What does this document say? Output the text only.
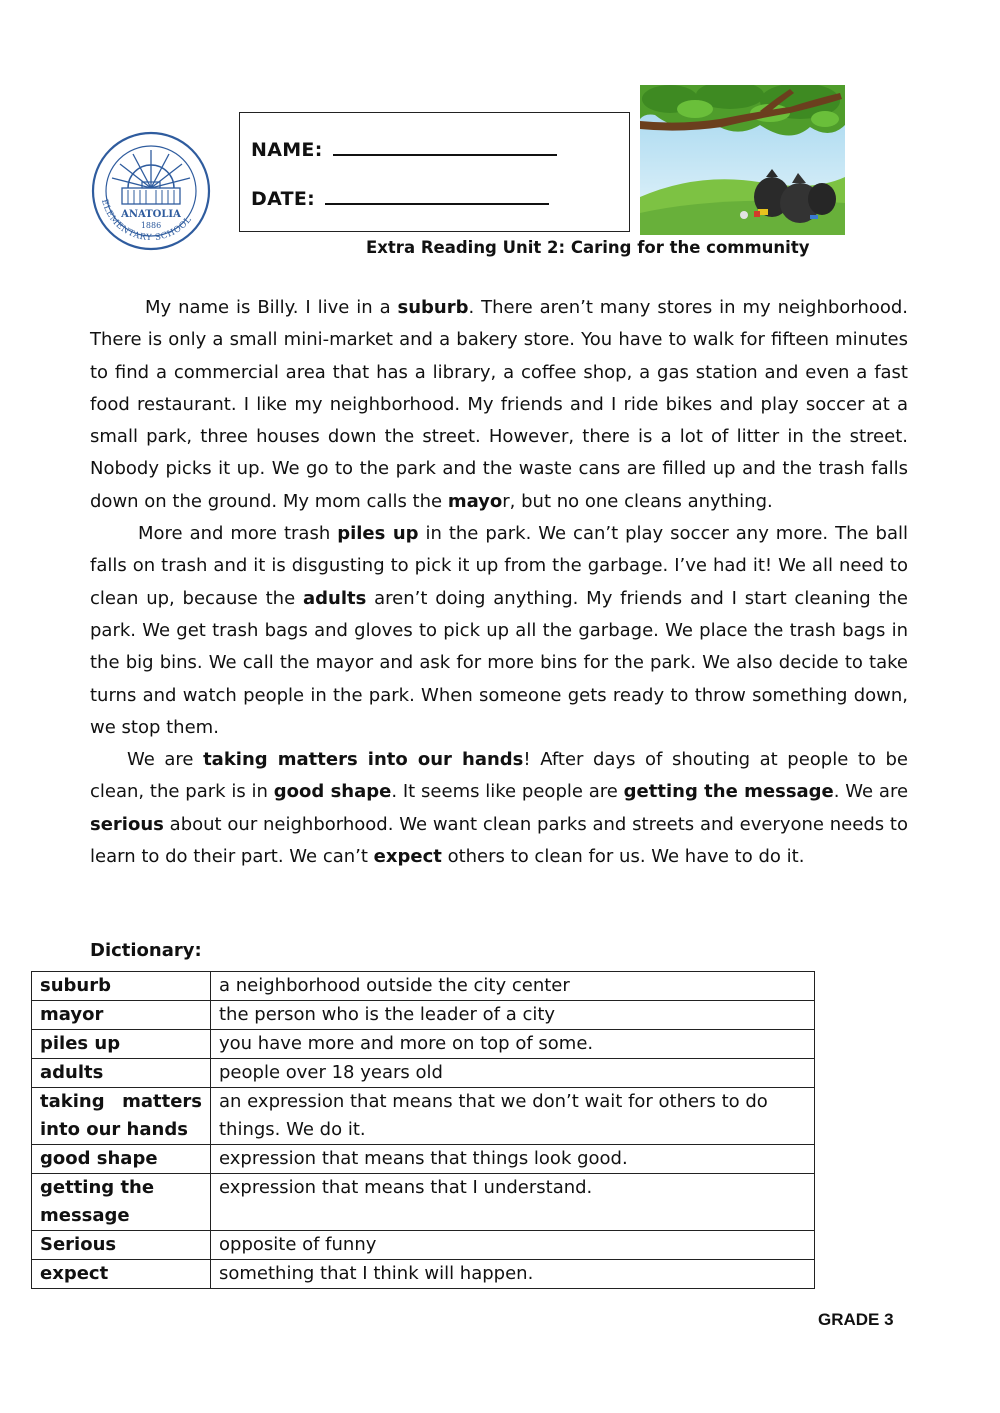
ANATOLIA
1886
ELEMENTARY SCHOOL
NAME:
DATE:
Extra Reading Unit 2: Caring for the community

My name is Billy. I live in a suburb. There aren’t many stores in my neighborhood. There is only a small mini-market and a bakery store. You have to walk for fifteen minutes to find a commercial area that has a library, a coffee shop, a gas station and even a fast food restaurant. I like my neighborhood. My friends and I ride bikes and play soccer at a small park, three houses down the street. However, there is a lot of litter in the street. Nobody picks it up. We go to the park and the waste cans are filled up and the trash falls down on the ground. My mom calls the mayor, but no one cleans anything.

More and more trash piles up in the park. We can’t play soccer any more. The ball falls on trash and it is disgusting to pick it up from the garbage. I’ve had it! We all need to clean up, because the adults aren’t doing anything. My friends and I start cleaning the park. We get trash bags and gloves to pick up all the garbage. We place the trash bags in the big bins. We call the mayor and ask for more bins for the park. We also decide to take turns and watch people in the park. When someone gets ready to throw something down, we stop them.

We are taking matters into our hands! After days of shouting at people to be clean, the park is in good shape. It seems like people are getting the message. We are serious about our neighborhood. We want clean parks and streets and everyone needs to learn to do their part. We can’t expect others to clean for us. We have to do it.

Dictionary:
suburb	a neighborhood outside the city center
mayor	the person who is the leader of a city
piles up	you have more and more on top of some.
adults	people over 18 years old
taking matters into our hands	an expression that means that we don’t wait for others to do things. We do it.
good shape	expression that means that things look good.
getting the message	expression that means that I understand.
Serious	opposite of funny
expect	something that I think will happen.
GRADE 3
